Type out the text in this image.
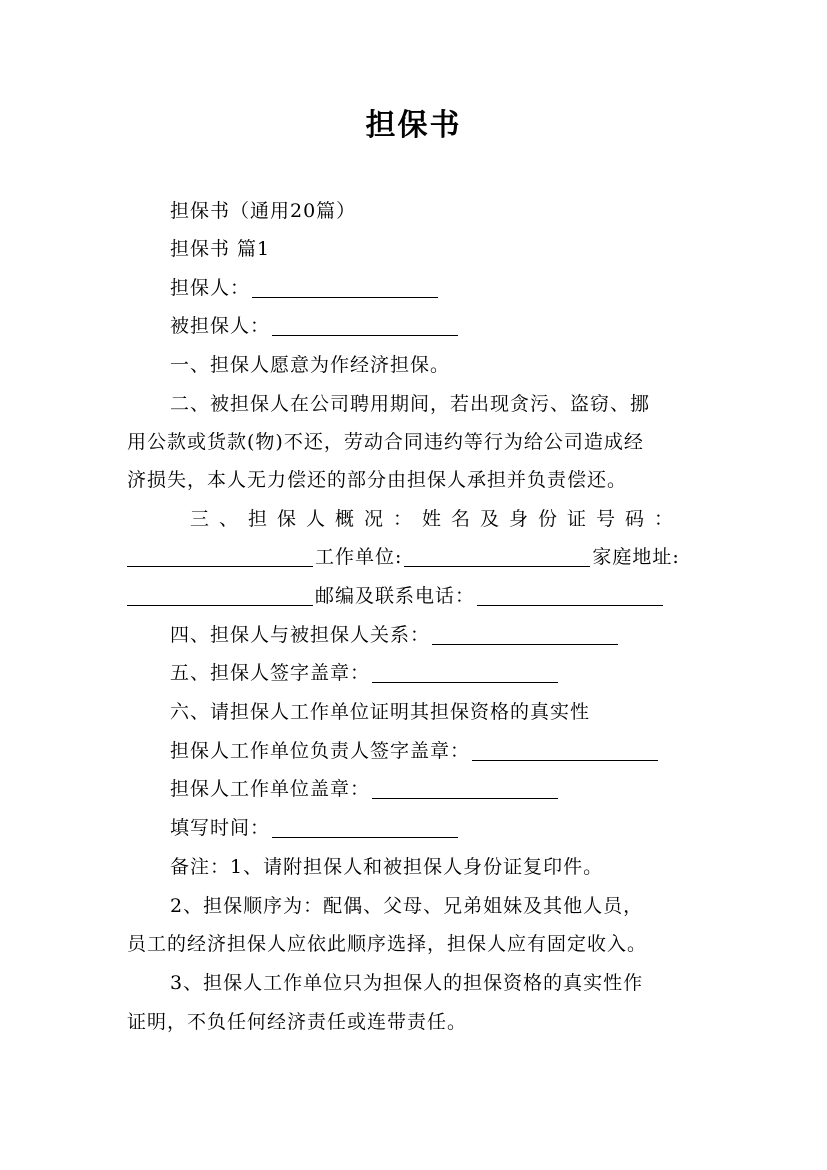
担保书
担保书（通用20篇）
担保书 篇1
担保人：
被担保人：
一、担保人愿意为作经济担保。
二、被担保人在公司聘用期间，若出现贪污、盗窃、挪
用公款或货款(物)不还，劳动合同违约等行为给公司造成经
济损失，本人无力偿还的部分由担保人承担并负责偿还。
三、担保人概况：姓名及身份证号码：
工作单位:	家庭地址:
邮编及联系电话：
四、担保人与被担保人关系：
五、担保人签字盖章：
六、请担保人工作单位证明其担保资格的真实性
担保人工作单位负责人签字盖章：
担保人工作单位盖章：
填写时间：
备注：1、请附担保人和被担保人身份证复印件。
2、担保顺序为：配偶、父母、兄弟姐妹及其他人员，
员工的经济担保人应依此顺序选择，担保人应有固定收入。
3、担保人工作单位只为担保人的担保资格的真实性作
证明，不负任何经济责任或连带责任。
